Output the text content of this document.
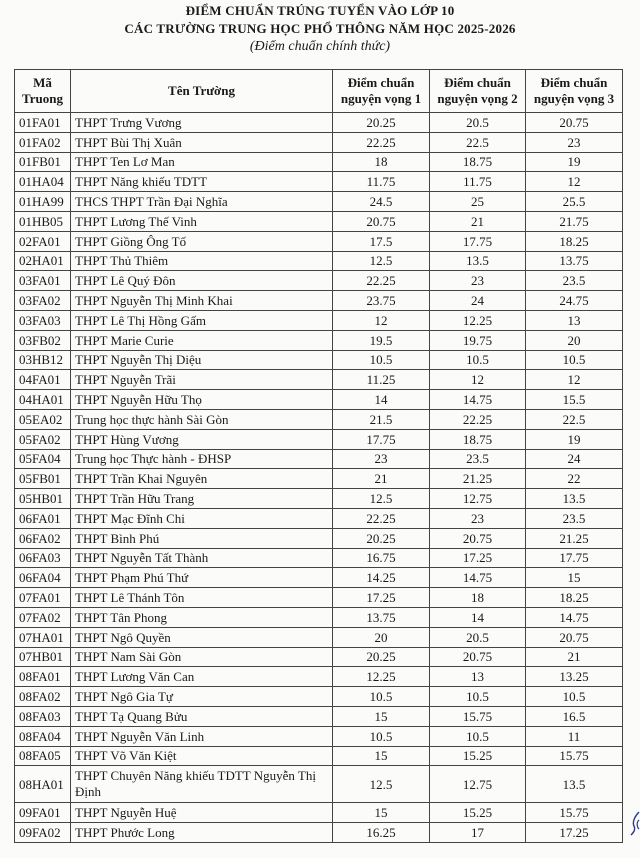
ĐIỂM CHUẨN TRÚNG TUYỂN VÀO LỚP 10
CÁC TRƯỜNG TRUNG HỌC PHỔ THÔNG NĂM HỌC 2025-2026
(Điểm chuẩn chính thức)
Mã Truong	Tên Trường	Điểm chuẩn nguyện vọng 1	Điểm chuẩn nguyện vọng 2	Điểm chuẩn nguyện vọng 3
01FA01	THPT Trưng Vương	20.25	20.5	20.75
01FA02	THPT Bùi Thị Xuân	22.25	22.5	23
01FB01	THPT Ten Lơ Man	18	18.75	19
01HA04	THPT Năng khiếu TDTT	11.75	11.75	12
01HA99	THCS THPT Trần Đại Nghĩa	24.5	25	25.5
01HB05	THPT Lương Thế Vinh	20.75	21	21.75
02FA01	THPT Giồng Ông Tố	17.5	17.75	18.25
02HA01	THPT Thủ Thiêm	12.5	13.5	13.75
03FA01	THPT Lê Quý Đôn	22.25	23	23.5
03FA02	THPT Nguyễn Thị Minh Khai	23.75	24	24.75
03FA03	THPT Lê Thị Hồng Gấm	12	12.25	13
03FB02	THPT Marie Curie	19.5	19.75	20
03HB12	THPT Nguyễn Thị Diệu	10.5	10.5	10.5
04FA01	THPT Nguyễn Trãi	11.25	12	12
04HA01	THPT Nguyễn Hữu Thọ	14	14.75	15.5
05EA02	Trung học thực hành Sài Gòn	21.5	22.25	22.5
05FA02	THPT Hùng Vương	17.75	18.75	19
05FA04	Trung học Thực hành - ĐHSP	23	23.5	24
05FB01	THPT Trần Khai Nguyên	21	21.25	22
05HB01	THPT Trần Hữu Trang	12.5	12.75	13.5
06FA01	THPT Mạc Đĩnh Chi	22.25	23	23.5
06FA02	THPT Bình Phú	20.25	20.75	21.25
06FA03	THPT Nguyễn Tất Thành	16.75	17.25	17.75
06FA04	THPT Phạm Phú Thứ	14.25	14.75	15
07FA01	THPT Lê Thánh Tôn	17.25	18	18.25
07FA02	THPT Tân Phong	13.75	14	14.75
07HA01	THPT Ngô Quyền	20	20.5	20.75
07HB01	THPT Nam Sài Gòn	20.25	20.75	21
08FA01	THPT Lương Văn Can	12.25	13	13.25
08FA02	THPT Ngô Gia Tự	10.5	10.5	10.5
08FA03	THPT Tạ Quang Bửu	15	15.75	16.5
08FA04	THPT Nguyễn Văn Linh	10.5	10.5	11
08FA05	THPT Võ Văn Kiệt	15	15.25	15.75
08HA01	THPT Chuyên Năng khiếu TDTT Nguyễn Thị Định	12.5	12.75	13.5
09FA01	THPT Nguyễn Huệ	15	15.25	15.75
09FA02	THPT Phước Long	16.25	17	17.25
